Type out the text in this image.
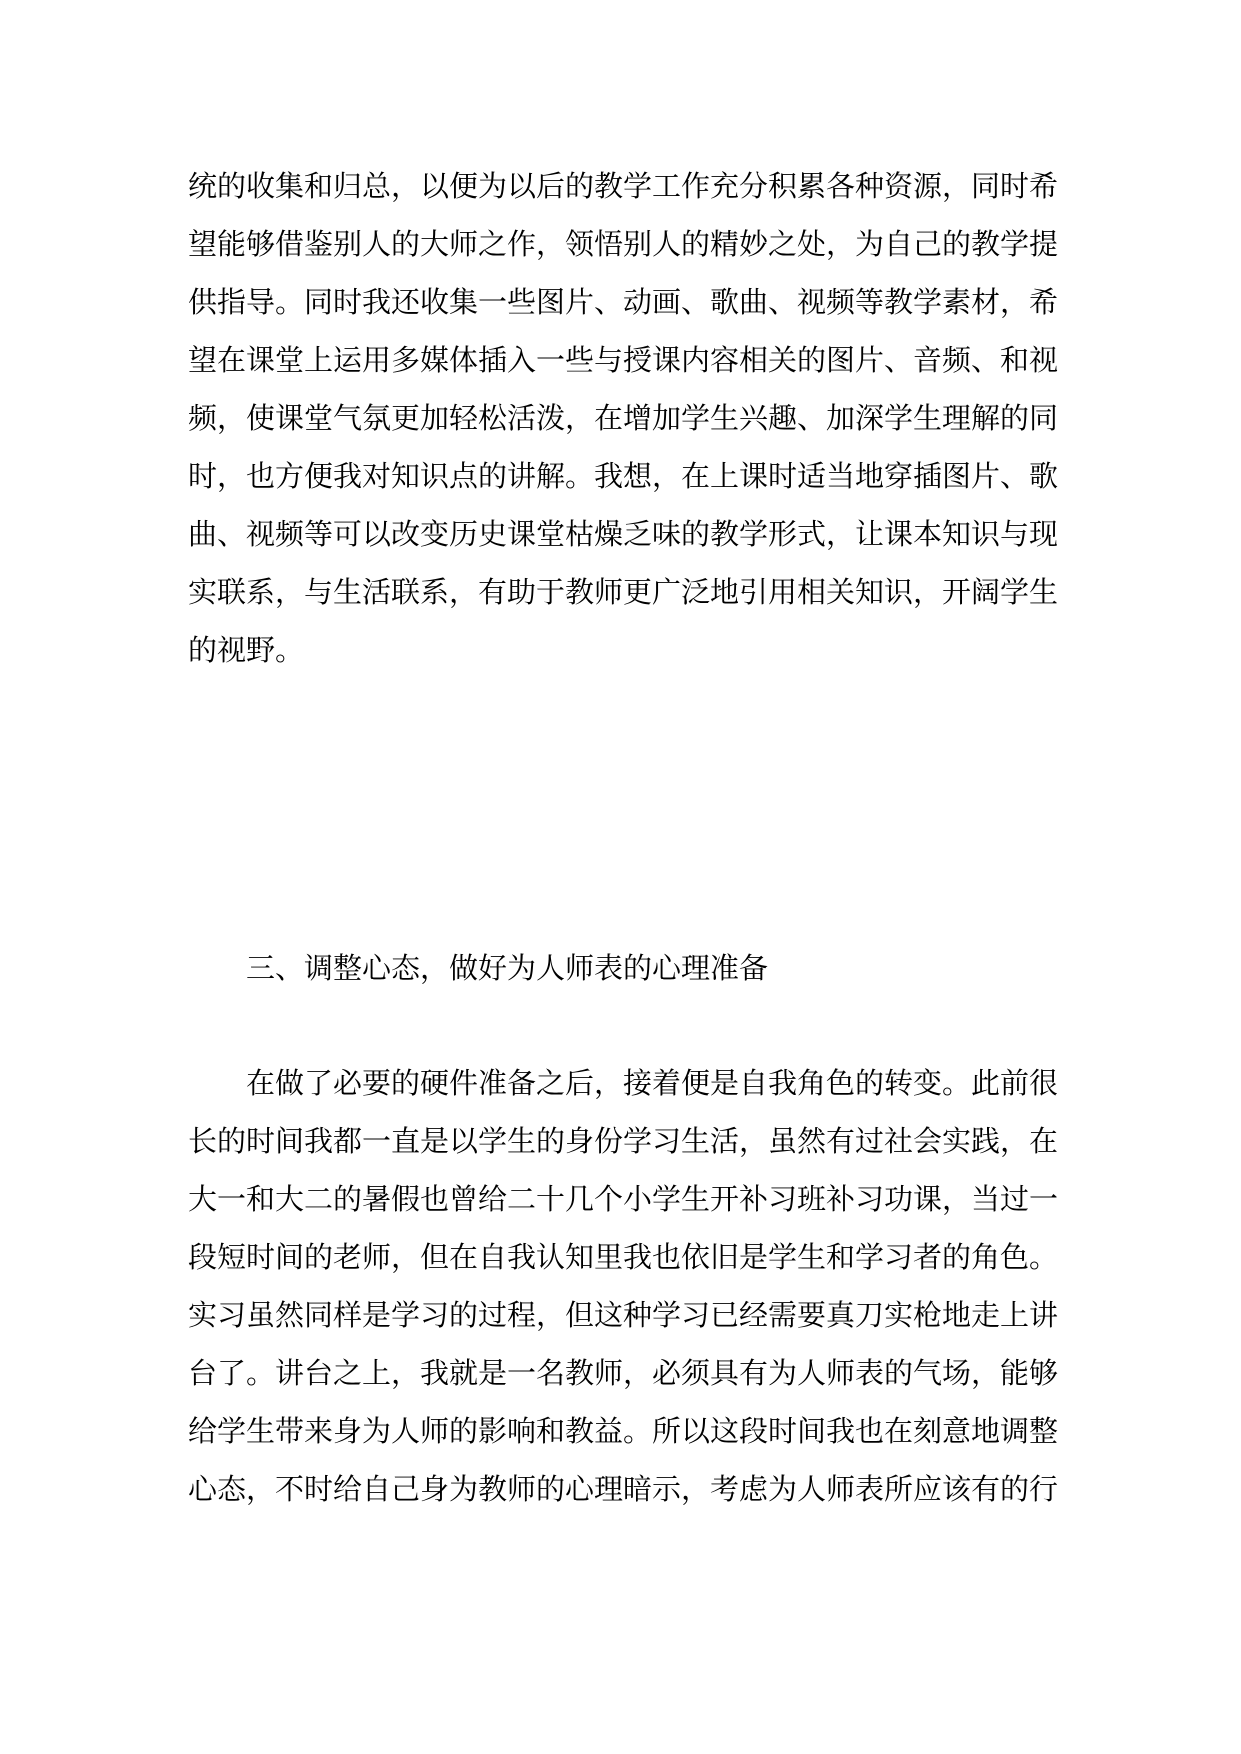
统的收集和归总，以便为以后的教学工作充分积累各种资源，同时希
望能够借鉴别人的大师之作，领悟别人的精妙之处，为自己的教学提
供指导。同时我还收集一些图片、动画、歌曲、视频等教学素材，希
望在课堂上运用多媒体插入一些与授课内容相关的图片、音频、和视
频，使课堂气氛更加轻松活泼，在增加学生兴趣、加深学生理解的同
时，也方便我对知识点的讲解。我想，在上课时适当地穿插图片、歌
曲、视频等可以改变历史课堂枯燥乏味的教学形式，让课本知识与现
实联系，与生活联系，有助于教师更广泛地引用相关知识，开阔学生
的视野。
三、调整心态，做好为人师表的心理准备
在做了必要的硬件准备之后，接着便是自我角色的转变。此前很
长的时间我都一直是以学生的身份学习生活，虽然有过社会实践，在
大一和大二的暑假也曾给二十几个小学生开补习班补习功课，当过一
段短时间的老师，但在自我认知里我也依旧是学生和学习者的角色。
实习虽然同样是学习的过程，但这种学习已经需要真刀实枪地走上讲
台了。讲台之上，我就是一名教师，必须具有为人师表的气场，能够
给学生带来身为人师的影响和教益。所以这段时间我也在刻意地调整
心态，不时给自己身为教师的心理暗示，考虑为人师表所应该有的行
